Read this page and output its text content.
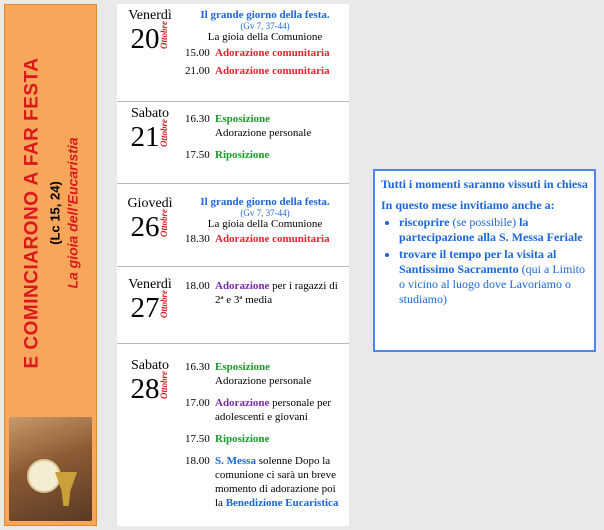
E COMINCIARONO A FAR FESTA (Lc 15, 24) La gioia dell'Eucaristia
Venerdì
20Ottobre
Il grande giorno della festa.
(Gv 7, 37-44)
La gioia della Comunione
15.00 Adorazione comunitaria
21.00 Adorazione comunitaria
Sabato
21Ottobre	16.30 Esposizione
Adorazione personale
17.50 Riposizione
Giovedì
26Ottobre
Il grande giorno della festa.
(Gv 7, 37-44)
La gioia della Comunione
18.30 Adorazione comunitaria
Venerdì
27Ottobre
18.00 Adorazione per i ragazzi di 2ª e 3ª media
Sabato
28Ottobre
16.30 Esposizione
Adorazione personale
17.00 Adorazione personale per adolescenti e giovani
17.50 Riposizione
18.00 S. Messa solenne Dopo la comunione ci sarà un breve momento di adorazione poi la Benedizione Eucaristica
Tutti i momenti saranno vissuti in chiesa
In questo mese invitiamo anche a:
• riscoprire (se possibile) la partecipazione alla S. Messa Feriale
• trovare il tempo per la visita al Santissimo Sacramento (qui a Limito o vicino al luogo dove Lavoriamo o studiamo)
